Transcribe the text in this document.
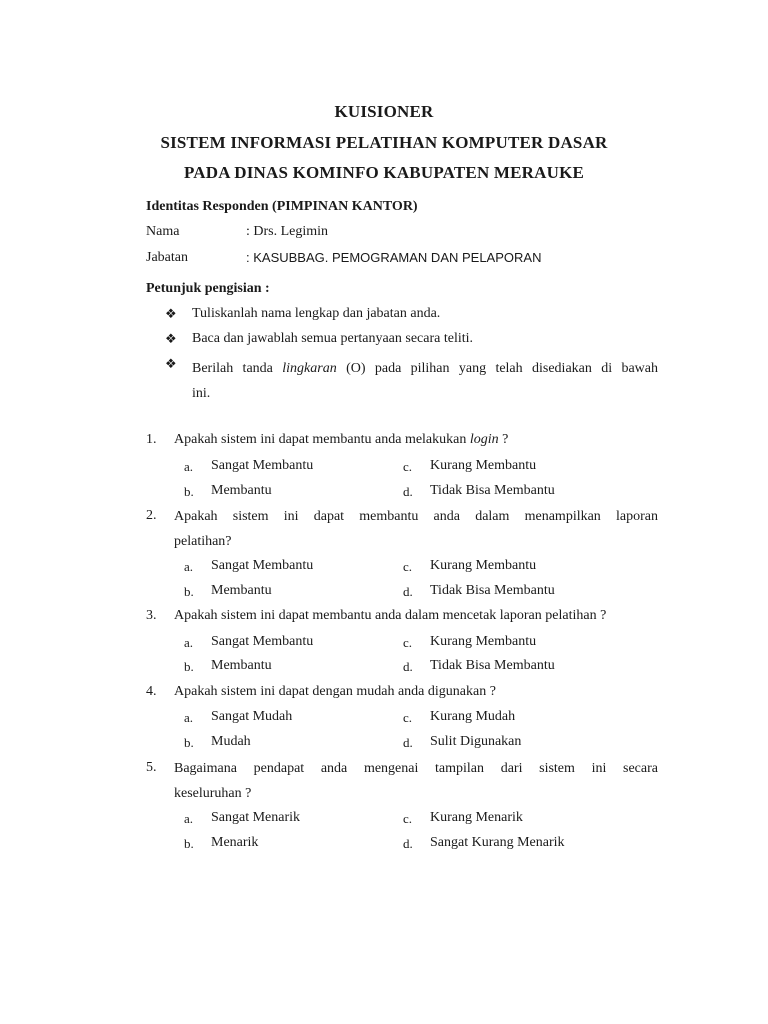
KUISIONER
SISTEM INFORMASI PELATIHAN KOMPUTER DASAR
PADA DINAS KOMINFO KABUPATEN MERAUKE
Identitas Responden (PIMPINAN KANTOR)
Nama	: Drs. Legimin
Jabatan	: KASUBBAG. PEMOGRAMAN DAN PELAPORAN
Petunjuk pengisian :
❖ Tuliskanlah nama lengkap dan jabatan anda.
❖ Baca dan jawablah semua pertanyaan secara teliti.
❖ Berilah tanda lingkaran (O) pada pilihan yang telah disediakan di bawah
ini.
1. Apakah sistem ini dapat membantu anda melakukan login ?
a. Sangat Membantu	c. Kurang Membantu
b. Membantu	d. Tidak Bisa Membantu
2. Apakah sistem ini dapat membantu anda dalam menampilkan laporan
pelatihan?
a. Sangat Membantu	c. Kurang Membantu
b. Membantu	d. Tidak Bisa Membantu
3. Apakah sistem ini dapat membantu anda dalam mencetak laporan pelatihan ?
a. Sangat Membantu	c. Kurang Membantu
b. Membantu	d. Tidak Bisa Membantu
4. Apakah sistem ini dapat dengan mudah anda digunakan ?
a. Sangat Mudah	c. Kurang Mudah
b. Mudah	d. Sulit Digunakan
5. Bagaimana pendapat anda mengenai tampilan dari sistem ini secara
keseluruhan ?
a. Sangat Menarik	c. Kurang Menarik
b. Menarik	d. Sangat Kurang Menarik
